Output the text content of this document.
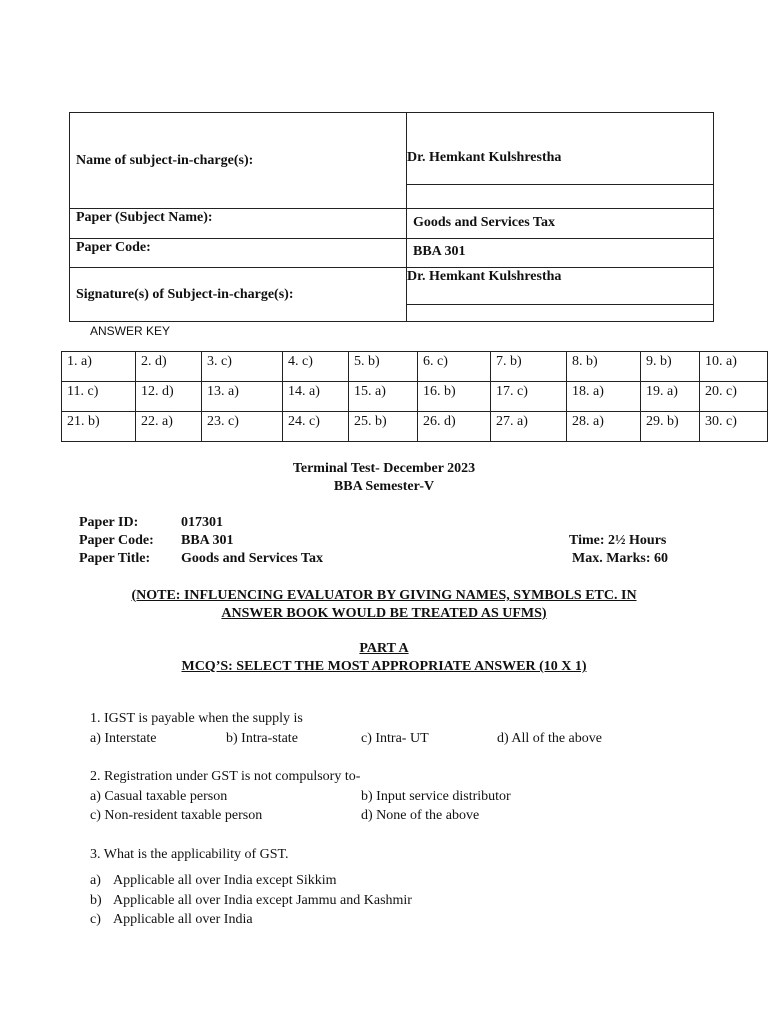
Name of subject-in-charge(s):	Dr. Hemkant Kulshrestha

Paper (Subject Name):	Goods and Services Tax

Paper Code:	BBA 301

Signature(s) of Subject-in-charge(s):	Dr. Hemkant Kulshrestha

ANSWER KEY
1. a)	2. d)	3. c)	4. c)	5. b)	6. c)	7. b)	8. b)	9. b)	10. a)
11. c)	12. d)	13. a)	14. a)	15. a)	16. b)	17. c)	18. a)	19. a)	20. c)
21. b)	22. a)	23. c)	24. c)	25. b)	26. d)	27. a)	28. a)	29. b)	30. c)
Terminal Test- December 2023
BBA Semester-V
Paper ID:	017301
Paper Code: BBA 301	Time: 2½ Hours
Paper Title: Goods and Services Tax	Max. Marks: 60
(NOTE: INFLUENCING EVALUATOR BY GIVING NAMES, SYMBOLS ETC. IN
ANSWER BOOK WOULD BE TREATED AS UFMS)
PART A
MCQ’S: SELECT THE MOST APPROPRIATE ANSWER (10 X 1)
1. IGST is payable when the supply is
a) Interstate	b) Intra-state	c) Intra- UT	d) All of the above
2. Registration under GST is not compulsory to-
a) Casual taxable person	b) Input service distributor
c) Non-resident taxable person	d) None of the above
3. What is the applicability of GST.
a) Applicable all over India except Sikkim
b) Applicable all over India except Jammu and Kashmir
c) Applicable all over India
